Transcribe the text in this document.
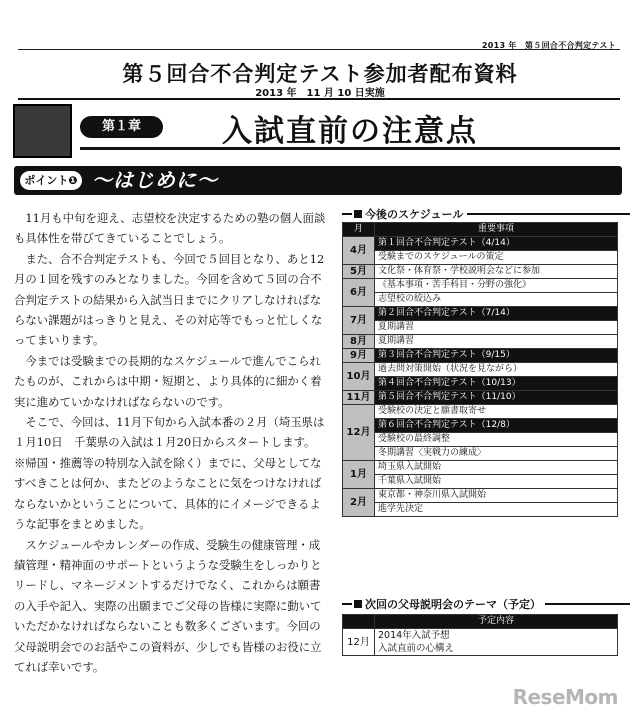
2013 年　第５回合不合判定テスト
第５回合不合判定テスト参加者配布資料
2013 年　11 月 10 日実施
第１章	入試直前の注意点
ポイント❶ 〜はじめに〜

11月も中旬を迎え、志望校を決定するための塾の個人面談も具体性を帯びてきていることでしょう。

また、合不合判定テストも、今回で５回目となり、あと12月の１回を残すのみとなりました。今回を含めて５回の合不合判定テストの結果から入試当日までにクリアしなければならない課題がはっきりと見え、その対応等でもっと忙しくなってまいります。

今までは受験までの長期的なスケジュールで進んでこられたものが、これからは中期・短期と、より具体的に細かく着実に進めていかなければならないのです。

そこで、今回は、11月下旬から入試本番の２月（埼玉県は１月10日　千葉県の入試は１月20日からスタートします。　※帰国・推薦等の特別な入試を除く）までに、父母としてなすべきことは何か、またどのようなことに気をつけなければならないかということについて、具体的にイメージできるような記事をまとめました。

スケジュールやカレンダーの作成、受験生の健康管理・成績管理・精神面のサポートというような受験生をしっかりとリードし、マネージメントするだけでなく、これからは願書の入手や記入、実際の出願までご父母の皆様に実際に動いていただかなければならないことも数多くございます。今回の父母説明会でのお話やこの資料が、少しでも皆様のお役に立てれば幸いです。

今後のスケジュール
月	重要事項
4月	第１回合不合判定テスト（4/14）
	受験までのスケジュールの策定
5月	文化祭・体育祭・学校説明会などに参加
6月	《基本事項・苦手科目・分野の強化》
	志望校の絞込み
7月	第２回合不合判定テスト（7/14）
	夏期講習
8月	夏期講習
9月	第３回合不合判定テスト（9/15）
10月	過去問対策開始（状況を見ながら）
	第４回合不合判定テスト（10/13）
11月	第５回合不合判定テスト（11/10）
12月	受験校の決定と願書取寄せ
	第６回合不合判定テスト（12/8）
	受験校の最終調整
	冬期講習〈実戦力の練成〉
1月	埼玉県入試開始
	千葉県入試開始
2月	東京都・神奈川県入試開始
	進学先決定
次回の父母説明会のテーマ（予定）
	予定内容
12月	2014年入試予想
入試直前の心構え
ReseMom
